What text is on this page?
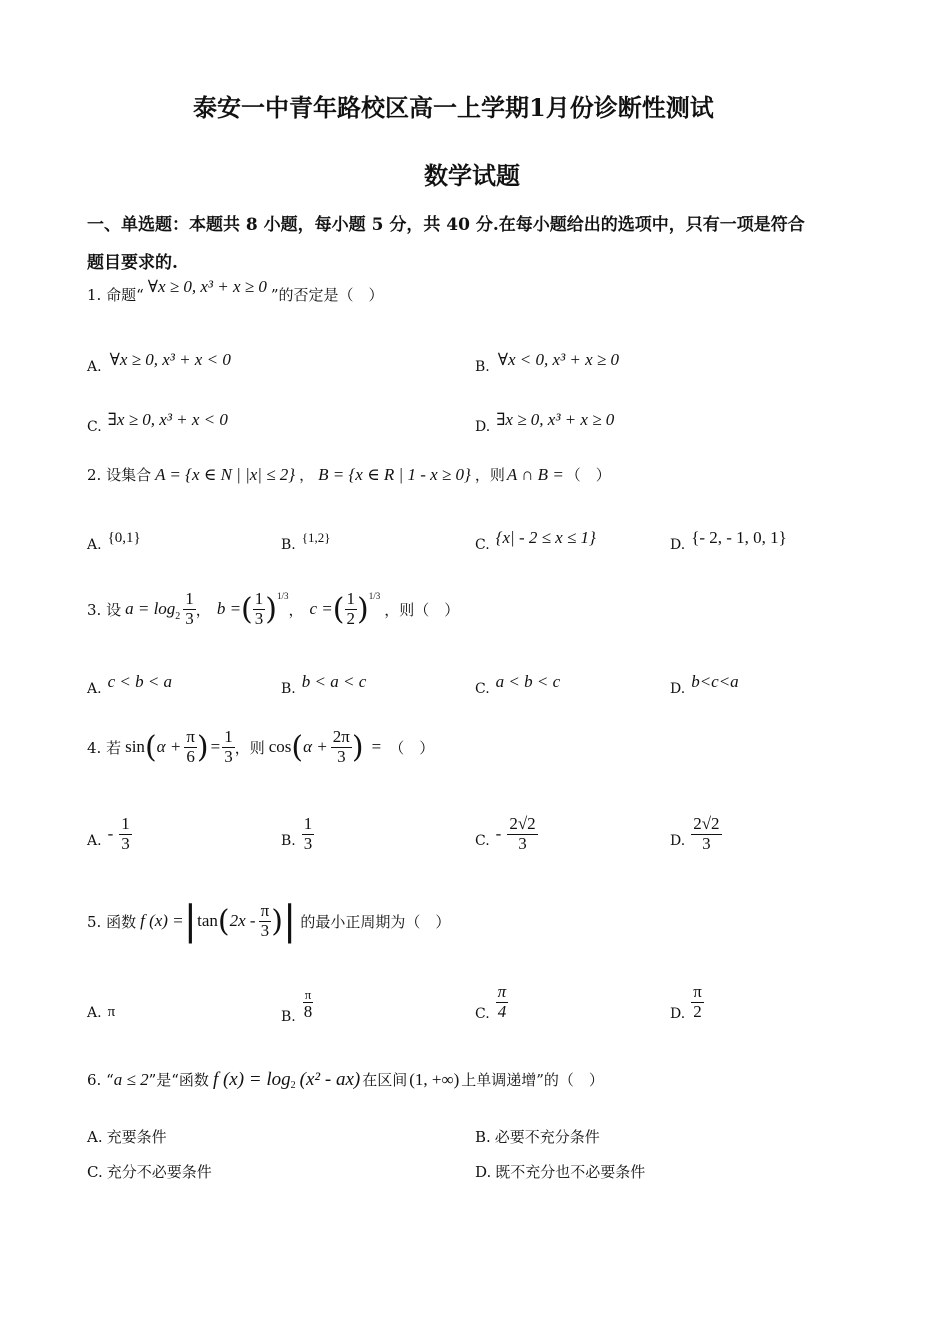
泰安一中青年路校区高一上学期1月份诊断性测试
数学试题
一、单选题：本题共 8 小题，每小题 5 分，共 40 分.在每小题给出的选项中，只有一项是符合
题目要求的.
1. 命题“ ∀x ≥ 0, x³ + x ≥ 0 ”的否定是（　）
A. ∀x ≥ 0, x³ + x < 0	B. ∀x < 0, x³ + x ≥ 0
C. ∃x ≥ 0, x³ + x < 0	D. ∃x ≥ 0, x³ + x ≥ 0
2. 设集合 A = {x ∈ N | |x| ≤ 2} ， B = {x ∈ R | 1 - x ≥ 0} ，则 A ∩ B = （　）
A. {0,1}	B. {1,2}	C. {x| - 2 ≤ x ≤ 1}	D. {- 2, - 1, 0, 1}
3. 设 $a = \log_2 \frac{1}{3}$ ， b = ( $\frac{1}{3} )^{1/3}$
， c = ( $\frac{1}{2} )^{1/3}$
，则（　）
A. c < b < a	B. b < a < c	C. a < b < c	D. b<c<a
4. 若 sin ( $\alpha + \frac{\pi}{6}$ ) = $\frac{1}{3}$ ，则 cos ( $\alpha + \frac{2\pi}{3}$ ) = （　）
A. - $\frac{1}{3}$	B. $\frac{1}{3}$	C. - $\frac{2√2}{3}$	D. $\frac{2√2}{3}$
5. 函数 f (x) = | tan ( $2x - \frac{\pi}{3}$ ) | 的最小正周期为（　）
A. π	B. $\frac{\pi}{8}$	C. $\frac{\pi}{4}$	D. $\frac{\pi}{2}$
6. “ a ≤ 2 ”是“函数 f $(x) = \log_2 (x^2 - ax)$ 在区间 (1, +∞) 上单调递增”的（　）
A. 充要条件	B. 必要不充分条件
C. 充分不必要条件	D. 既不充分也不必要条件
